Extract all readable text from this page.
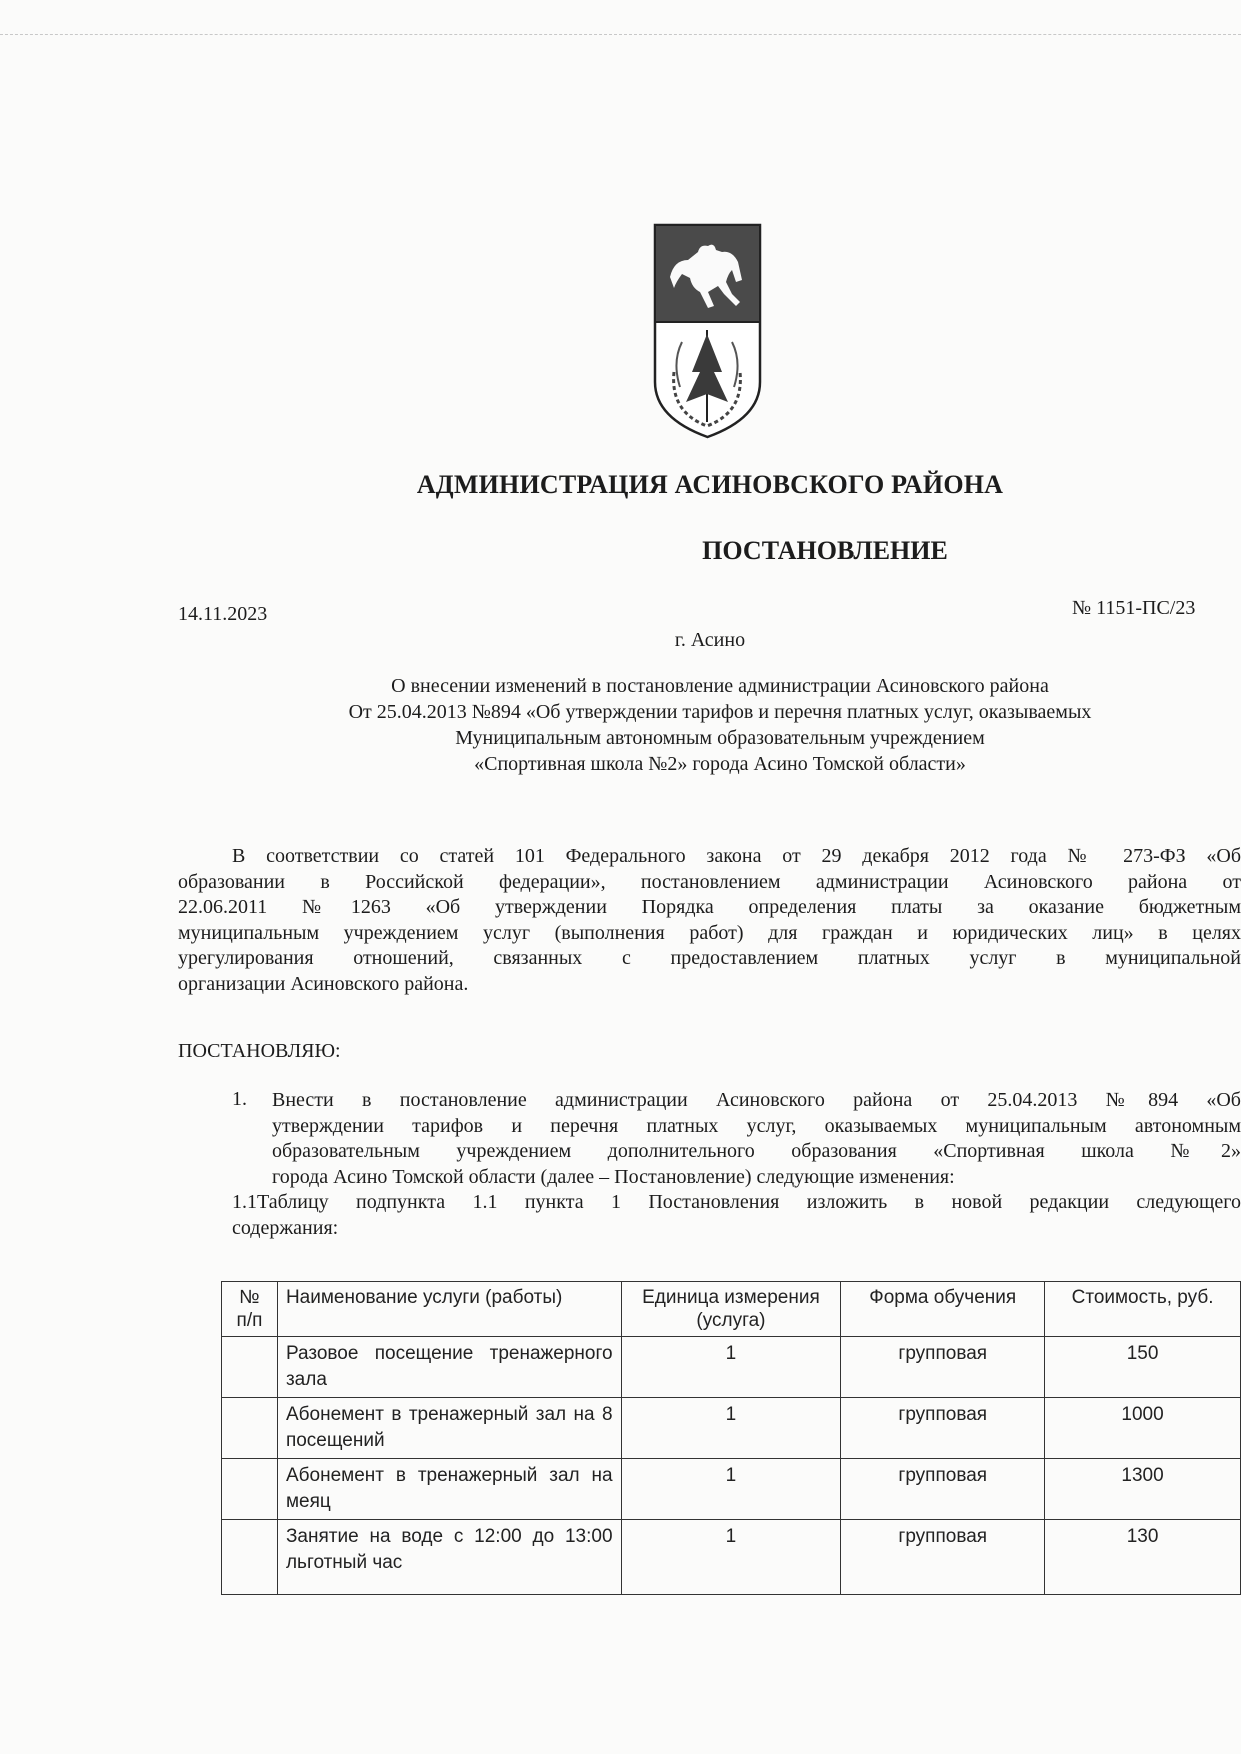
АДМИНИСТРАЦИЯ АСИНОВСКОГО РАЙОНА
ПОСТАНОВЛЕНИЕ
14.11.2023	№ 1151-ПС/23
г. Асино
О внесении изменений в постановление администрации Асиновского района
От 25.04.2013 №894 «Об утверждении тарифов и перечня платных услуг, оказываемых
Муниципальным автономным образовательным учреждением
«Спортивная школа №2» города Асино Томской области»
В соответствии со статей 101 Федерального закона от 29 декабря 2012 года № 273-ФЗ «Об
образовании в Российской федерации», постановлением администрации Асиновского района от
22.06.2011 №1263 «Об утверждении Порядка определения платы за оказание бюджетным
муниципальным учреждением услуг (выполнения работ) для граждан и юридических лиц» в целях
урегулирования отношений, связанных с предоставлением платных услуг в муниципальной
организации Асиновского района.
ПОСТАНОВЛЯЮ:
1. Внести в постановление администрации Асиновского района от 25.04.2013 №894 «Об
утверждении тарифов и перечня платных услуг, оказываемых муниципальным автономным
образовательным учреждением дополнительного образования «Спортивная школа №2»
города Асино Томской области (далее – Постановление) следующие изменения:
1.1Таблицу подпункта 1.1 пункта 1 Постановления изложить в новой редакции следующего
содержания:
№ п/п	Наименование услуги (работы)	Единица измерения (услуга)	Форма обучения	Стоимость, руб.
	Разовое посещение тренажерного зала	1	групповая	150
	Абонемент в тренажерный зал на 8 посещений	1	групповая	1000
	Абонемент в тренажерный зал на мeяц	1	групповая	1300
	Занятие на воде с 12:00 до 13:00 льготный час	1	групповая	130
